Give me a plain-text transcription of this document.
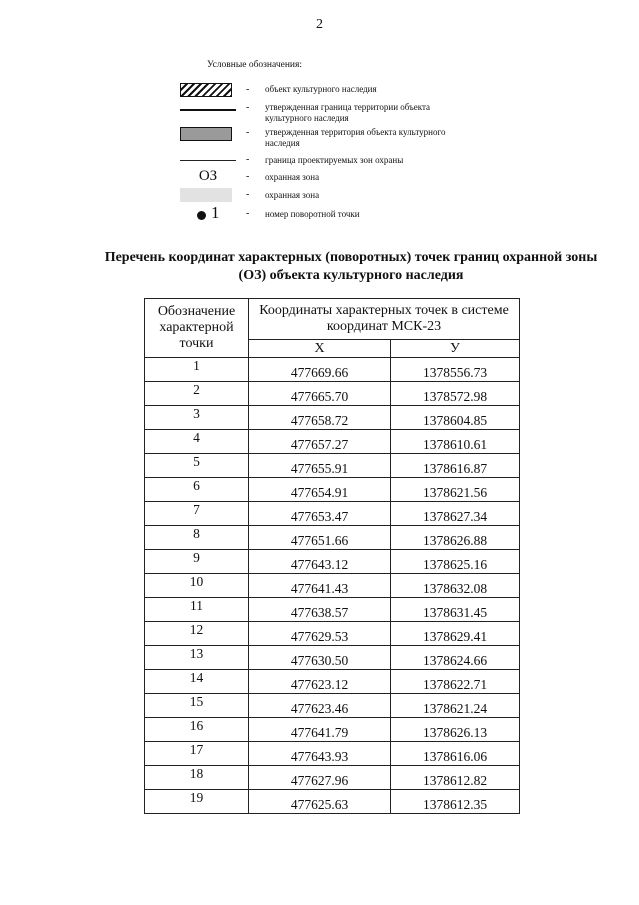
2
Условные обозначения:
- объект культурного наследия
- утвержденная граница территории объекта культурного наследия
- утвержденная территория объекта культурного наследия
- граница проектируемых зон охраны
ОЗ	- охранная зона
- охранная зона
1	- номер поворотной точки
Перечень координат характерных (поворотных) точек границ охранной зоны (ОЗ) объекта культурного наследия
Обозначение характерной точки	Координаты характерных точек в системе координат МСК-23	
	Х	У
1	477669.66	1378556.73
2	477665.70	1378572.98
3	477658.72	1378604.85
4	477657.27	1378610.61
5	477655.91	1378616.87
6	477654.91	1378621.56
7	477653.47	1378627.34
8	477651.66	1378626.88
9	477643.12	1378625.16
10	477641.43	1378632.08
11	477638.57	1378631.45
12	477629.53	1378629.41
13	477630.50	1378624.66
14	477623.12	1378622.71
15	477623.46	1378621.24
16	477641.79	1378626.13
17	477643.93	1378616.06
18	477627.96	1378612.82
19	477625.63	1378612.35
